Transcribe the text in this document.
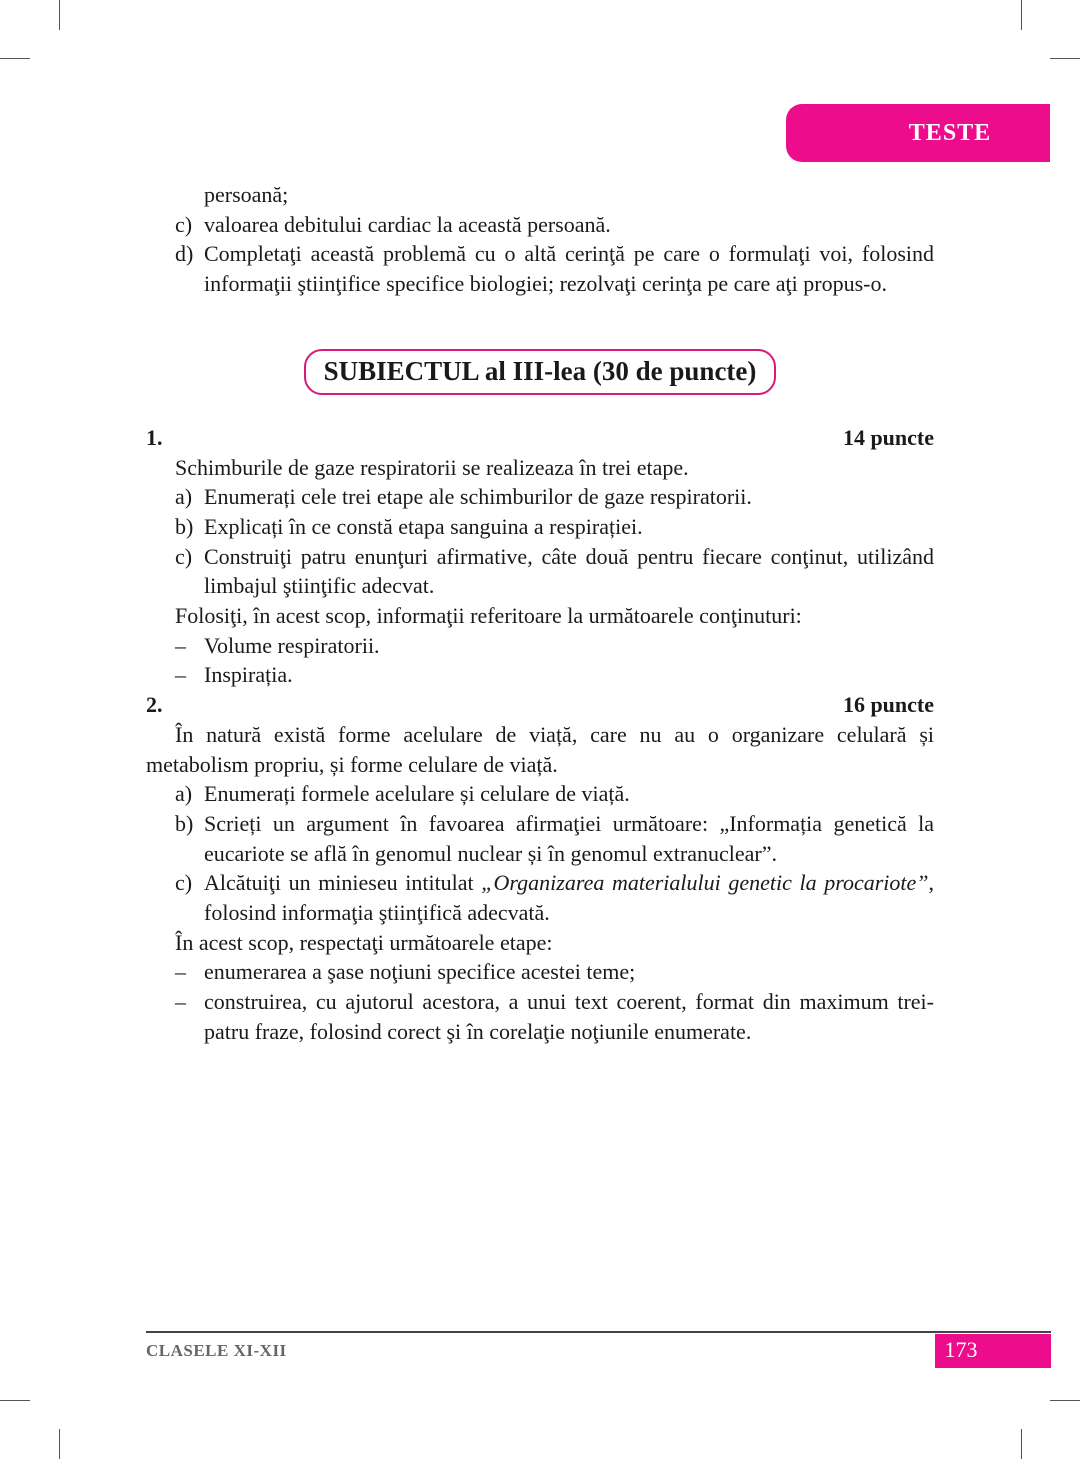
TESTE
persoană;
c) valoarea debitului cardiac la această persoană.
d) Completaţi această problemă cu o altă cerinţă pe care o formulaţi voi, folosind informaţii ştiinţifice specifice biologiei; rezolvaţi cerinţa pe care aţi propus-o.
SUBIECTUL al III-lea (30 de puncte)
1.	14 puncte
Schimburile de gaze respiratorii se realizeaza în trei etape.
a) Enumerați cele trei etape ale schimburilor de gaze respiratorii.
b) Explicați în ce constă etapa sanguina a respirației.
c) Construiţi patru enunţuri afirmative, câte două pentru fiecare conţinut, utilizând limbajul ştiinţific adecvat.
Folosiţi, în acest scop, informaţii referitoare la următoarele conţinuturi:
– Volume respiratorii.
– Inspirația.
2.	16 puncte
În natură există forme acelulare de viață, care nu au o organizare celulară și metabolism propriu, și forme celulare de viață.
a) Enumerați formele acelulare și celulare de viață.
b) Scrieți un argument în favoarea afirmaţiei următoare: „Informația genetică la eucariote se află în genomul nuclear și în genomul extranuclear”.
c) Alcătuiţi un minieseu intitulat „Organizarea materialului genetic la procariote”, folosind informaţia ştiinţifică adecvată.
În acest scop, respectaţi următoarele etape:
– enumerarea a şase noţiuni specifice acestei teme;
– construirea, cu ajutorul acestora, a unui text coerent, format din maximum trei-patru fraze, folosind corect şi în corelaţie noţiunile enumerate.
CLASELE XI-XII	173
